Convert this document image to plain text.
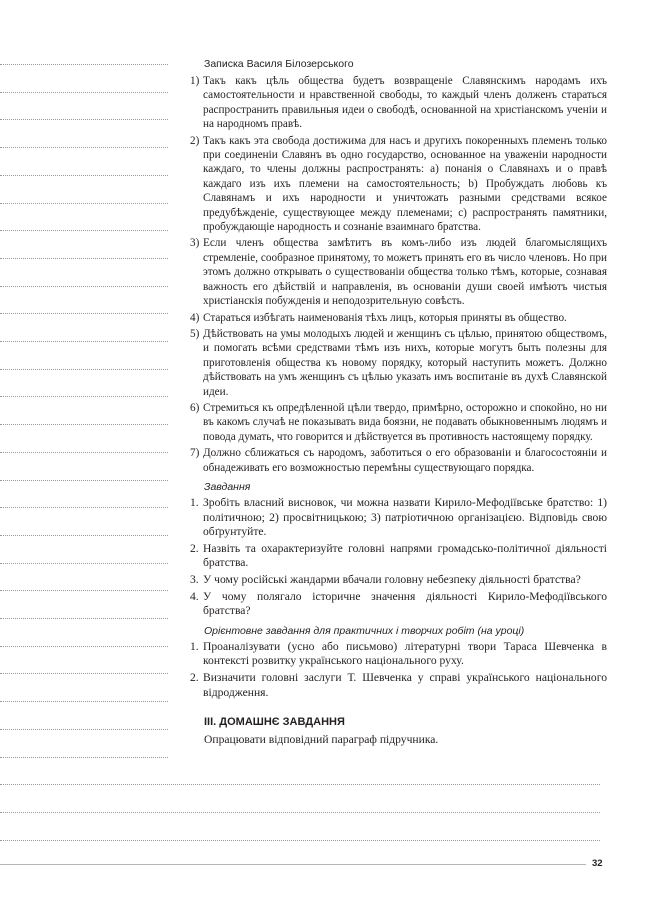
Записка Василя Білозерського
1) Такъ какъ цѣль общества будетъ возвращеніе Славянскимъ народамъ ихъ самостоятельности и нравственной свободы, то каждый членъ долженъ стараться распространить правильныя идеи о свободѣ, основанной на христіанскомъ ученіи и на народномъ правѣ.
2) Такъ какъ эта свобода достижима для насъ и другихъ покоренныхъ племенъ только при соединеніи Славянъ въ одно государство, основанное на уваженіи народности каждаго, то члены должны распространять: а) понанія о Славянахъ и о правѣ каждаго изъ ихъ племени на самостоятельность; b) Пробуждать любовь къ Славянамъ и ихъ народности и уничтожать разными средствами всякое предубѣжденіе, существующее между племенами; с) распространять памятники, пробуждающіе народность и сознаніе взаимнаго братства.
3) Если членъ общества замѣтитъ въ комъ-либо изъ людей благомыслящихъ стремленіе, сообразное принятому, то можетъ принять его въ число членовъ. Но при этомъ должно открывать о существованіи общества только тѣмъ, которые, сознавая важность его дѣйствій и направленія, въ основаніи души своей имѣютъ чистыя христіанскія побужденія и неподозрительную совѣсть.
4) Стараться избѣгать наименованія тѣхъ лицъ, которыя приняты въ общество.
5) Дѣйствовать на умы молодыхъ людей и женщинъ съ цѣлью, принятою обществомъ, и помогать всѣми средствами тѣмъ изъ нихъ, которые могутъ быть полезны для приготовленія общества къ новому порядку, который наступить можетъ. Должно дѣйствовать на умъ женщинъ съ цѣлью указать имъ воспитаніе въ духѣ Славянской идеи.
6) Стремиться къ опредѣленной цѣли твердо, примѣрно, осторожно и спокойно, но ни въ какомъ случаѣ не показывать вида боязни, не подавать обыкновеннымъ людямъ и повода думать, что говорится и дѣйствуется въ противность настоящему порядку.
7) Должно сближаться съ народомъ, заботиться о его образованіи и благосостояніи и обнадеживать его возможностью перемѣны существующаго порядка.
Завдання
1. Зробіть власний висновок, чи можна назвати Кирило-Мефодіївське братство: 1) політичною; 2) просвітницькою; 3) патріотичною організацією. Відповідь свою обґрунтуйте.
2. Назвіть та охарактеризуйте головні напрями громадсько-політичної діяльності братства.
3. У чому російські жандарми вбачали головну небезпеку діяльності братства?
4. У чому полягало історичне значення діяльності Кирило-Мефодіївського братства?
Орієнтовне завдання для практичних і творчих робіт (на уроці)
1. Проаналізувати (усно або письмово) літературні твори Тараса Шевченка в контексті розвитку українського національного руху.
2. Визначити головні заслуги Т. Шевченка у справі українського національного відродження.
ІІІ. ДОМАШНЄ ЗАВДАННЯ
Опрацювати відповідний параграф підручника.
32
